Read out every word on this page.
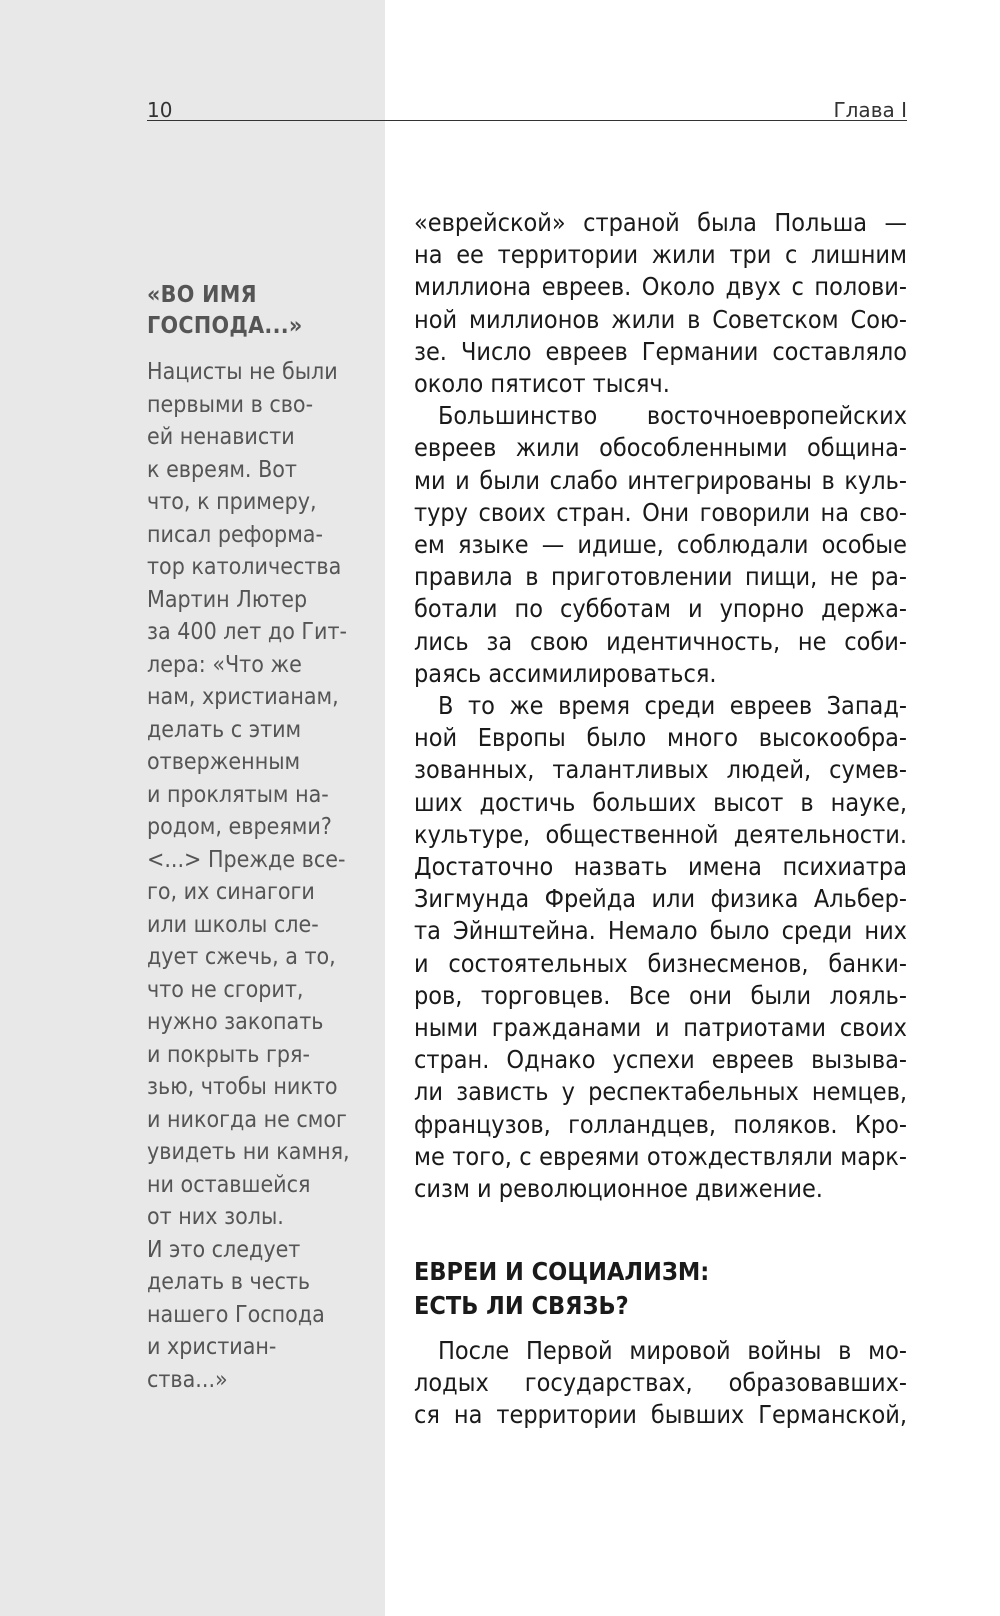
10	Глава I
«ВО ИМЯ
ГОСПОДА...»
Нацисты не были
первыми в сво-
ей ненависти
к евреям. Вот
что, к примеру,
писал реформа-
тор католичества
Мартин Лютер
за 400 лет до Гит-
лера: «Что же
нам, христианам,
делать с этим
отверженным
и проклятым на-
родом, евреями?
<...> Прежде все-
го, их синагоги
или школы сле-
дует сжечь, а то,
что не сгорит,
нужно закопать
и покрыть гря-
зью, чтобы никто
и никогда не смог
увидеть ни камня,
ни оставшейся
от них золы.
И это следует
делать в честь
нашего Господа
и христиан-
ства...»
«еврейской» страной была Польша —
на ее территории жили три с лишним
миллиона евреев. Около двух с полови-
ной миллионов жили в Советском Сою-
зе. Число евреев Германии составляло
около пятисот тысяч.
Большинство восточноевропейских
евреев жили обособленными община-
ми и были слабо интегрированы в куль-
туру своих стран. Они говорили на сво-
ем языке — идише, соблюдали особые
правила в приготовлении пищи, не ра-
ботали по субботам и упорно держа-
лись за свою идентичность, не соби-
раясь ассимилироваться.
В то же время среди евреев Запад-
ной Европы было много высокообра-
зованных, талантливых людей, сумев-
ших достичь больших высот в науке,
культуре, общественной деятельности.
Достаточно назвать имена психиатра
Зигмунда Фрейда или физика Альбер-
та Эйнштейна. Немало было среди них
и состоятельных бизнесменов, банки-
ров, торговцев. Все они были лояль-
ными гражданами и патриотами своих
стран. Однако успехи евреев вызыва-
ли зависть у респектабельных немцев,
французов, голландцев, поляков. Кро-
ме того, с евреями отождествляли марк-
сизм и революционное движение.
ЕВРЕИ И СОЦИАЛИЗМ:
ЕСТЬ ЛИ СВЯЗЬ?
После Первой мировой войны в мо-
лодых государствах, образовавших-
ся на территории бывших Германской,
